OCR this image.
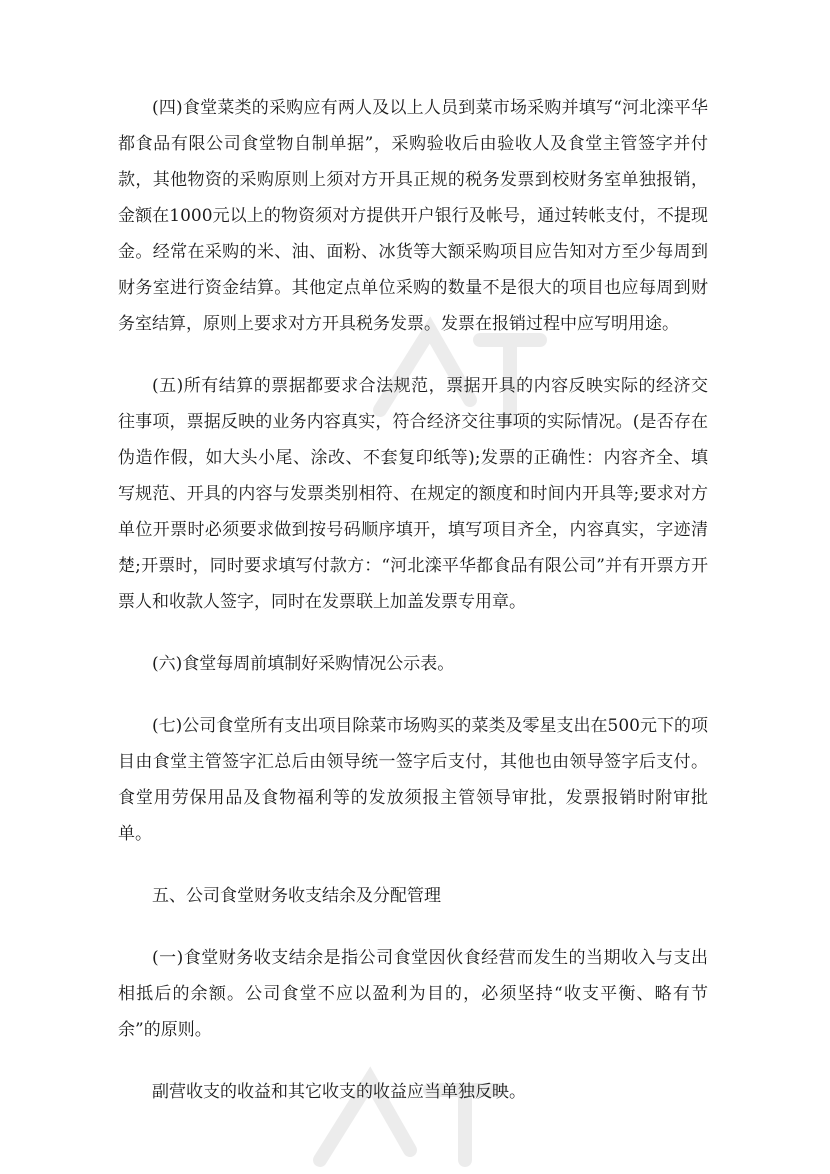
(四)食堂菜类的采购应有两人及以上人员到菜市场采购并填写“河北滦平华都食品有限公司食堂物自制单据”，采购验收后由验收人及食堂主管签字并付款，其他物资的采购原则上须对方开具正规的税务发票到校财务室单独报销，金额在1000元以上的物资须对方提供开户银行及帐号，通过转帐支付，不提现金。经常在采购的米、油、面粉、冰货等大额采购项目应告知对方至少每周到财务室进行资金结算。其他定点单位采购的数量不是很大的项目也应每周到财务室结算，原则上要求对方开具税务发票。发票在报销过程中应写明用途。

(五)所有结算的票据都要求合法规范，票据开具的内容反映实际的经济交往事项，票据反映的业务内容真实，符合经济交往事项的实际情况。(是否存在伪造作假，如大头小尾、涂改、不套复印纸等);发票的正确性：内容齐全、填写规范、开具的内容与发票类别相符、在规定的额度和时间内开具等;要求对方单位开票时必须要求做到按号码顺序填开，填写项目齐全，内容真实，字迹清楚;开票时，同时要求填写付款方：“河北滦平华都食品有限公司”并有开票方开票人和收款人签字，同时在发票联上加盖发票专用章。

(六)食堂每周前填制好采购情况公示表。

(七)公司食堂所有支出项目除菜市场购买的菜类及零星支出在500元下的项目由食堂主管签字汇总后由领导统一签字后支付，其他也由领导签字后支付。食堂用劳保用品及食物福利等的发放须报主管领导审批，发票报销时附审批单。

五、公司食堂财务收支结余及分配管理

(一)食堂财务收支结余是指公司食堂因伙食经营而发生的当期收入与支出相抵后的余额。公司食堂不应以盈利为目的，必须坚持“收支平衡、略有节余”的原则。

副营收支的收益和其它收支的收益应当单独反映。
